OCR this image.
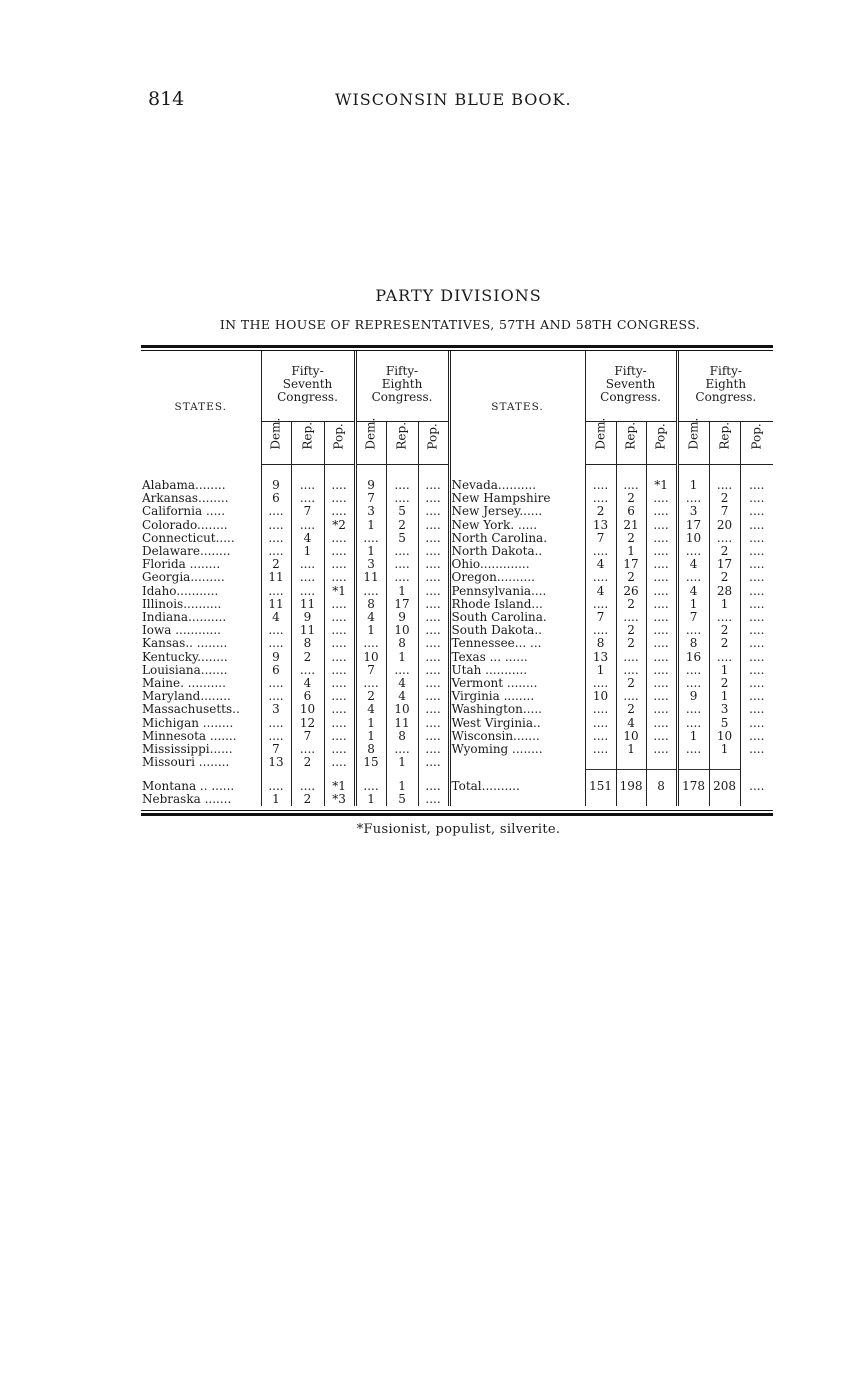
814	WISCONSIN BLUE BOOK.
PARTY DIVISIONS
IN THE HOUSE OF REPRESENTATIVES, 57TH AND 58TH CONGRESS.
STATES.	Fifty-
Seventh
Congress.			Fifty-
Eighth
Congress.			STATES.	Fifty-
Seventh
Congress.			Fifty-
Eighth
Congress.		

	Dem.	Rep.	Pop.	Dem.	Rep.	Pop.		Dem.	Rep.	Pop.	Dem.	Rep.	Pop.

Alabama........	9	....	....	9	....	....	Nevada..........	....	....	*1	1	....	....
Arkansas........	6	....	....	7	....	....	New Hampshire	....	2	....	....	2	....
California .....	....	7	....	3	5	....	New Jersey......	2	6	....	3	7	....
Colorado........	....	....	*2	1	2	....	New York. .....	13	21	....	17	20	....
Connecticut.....	....	4	....	....	5	....	North Carolina.	7	2	....	10	....	....
Delaware........	....	1	....	1	....	....	North Dakota..	....	1	....	....	2	....
Florida ........	2	....	....	3	....	....	Ohio.............	4	17	....	4	17	....
Georgia.........	11	....	....	11	....	....	Oregon..........	....	2	....	....	2	....
Idaho...........	....	....	*1	....	1	....	Pennsylvania....	4	26	....	4	28	....
Illinois..........	11	11	....	8	17	....	Rhode Island...	....	2	....	1	1	....
Indiana..........	4	9	....	4	9	....	South Carolina.	7	....	....	7	....	....
Iowa ............	....	11	....	1	10	....	South Dakota..	....	2	....	....	2	....
Kansas.. ........	....	8	....	....	8	....	Tennessee... ...	8	2	....	8	2	....
Kentucky........	9	2	....	10	1	....	Texas ... ......	13	....	....	16	....	....
Louisiana.......	6	....	....	7	....	....	Utah ...........	1	....	....	....	1	....
Maine. ..........	....	4	....	....	4	....	Vermont ........	....	2	....	....	2	....
Maryland........	....	6	....	2	4	....	Virginia ........	10	....	....	9	1	....
Massachusetts..	3	10	....	4	10	....	Washington.....	....	2	....	....	3	....
Michigan ........	....	12	....	1	11	....	West Virginia..	....	4	....	....	5	....
Minnesota .......	....	7	....	1	8	....	Wisconsin.......	....	10	....	1	10	....
Mississippi......	7	....	....	8	....	....	Wyoming ........	....	1	....	....	1	....
Missouri ........	13	2	....	15	1	....							
Montana .. ......	....	....	*1	....	1	....	Total..........	151	198	8	178	208	....
Nebraska .......	1	2	*3	1	5	....							
*Fusionist, populist, silverite.
